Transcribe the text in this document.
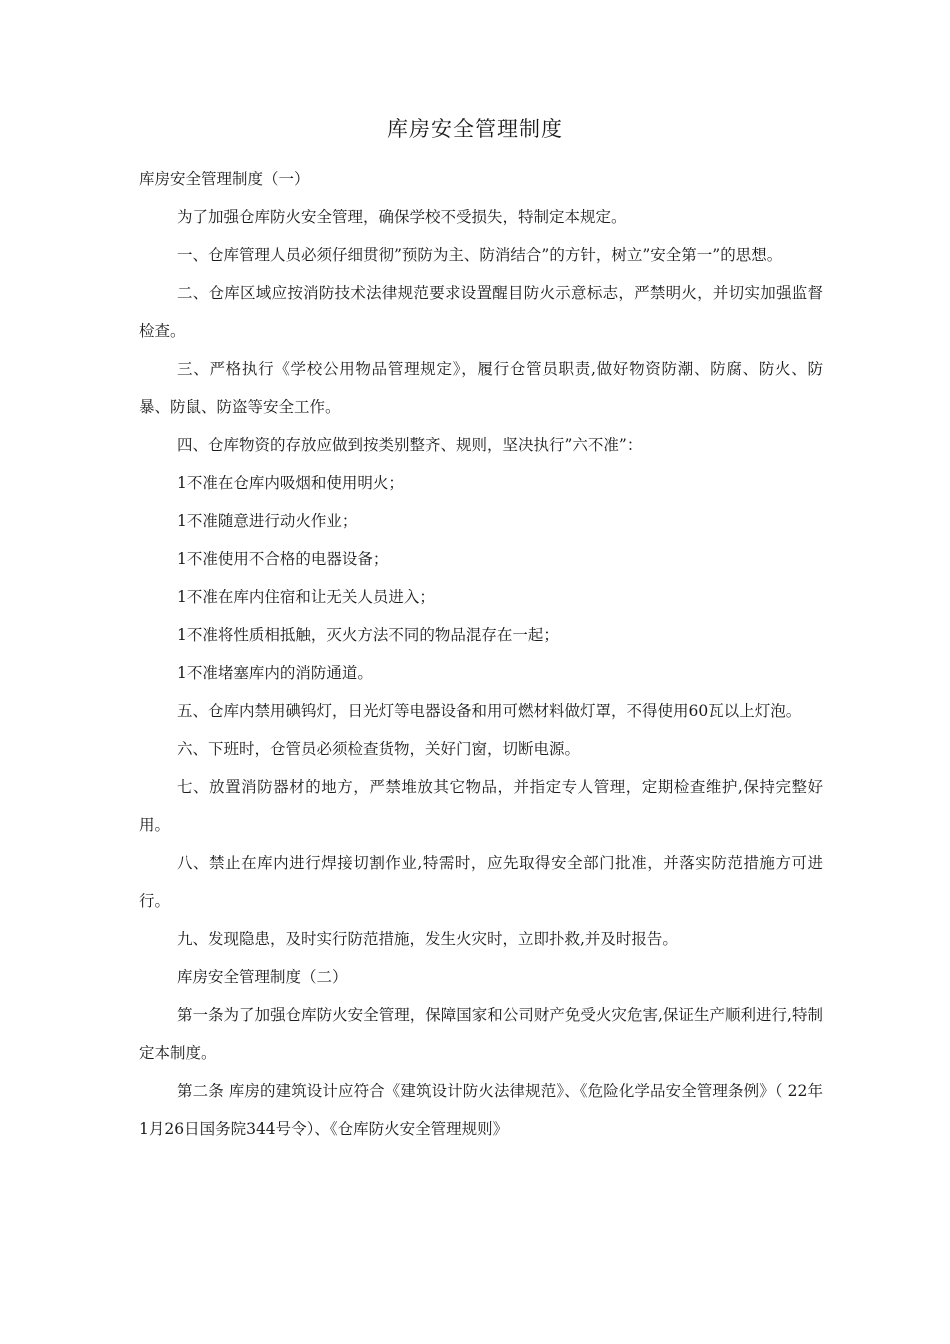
库房安全管理制度

库房安全管理制度（一）

为了加强仓库防火安全管理，确保学校不受损失，特制定本规定。

一、仓库管理人员必须仔细贯彻”预防为主、防消结合”的方针，树立”安全第一”的思想。

二、仓库区域应按消防技术法律规范要求设置醒目防火示意标志，严禁明火，并切实加强监督检查。

三、严格执行《学校公用物品管理规定》，履行仓管员职责,做好物资防潮、防腐、防火、防暴、防鼠、防盗等安全工作。

四、仓库物资的存放应做到按类别整齐、规则，坚决执行”六不准”：

1不准在仓库内吸烟和使用明火；

1不准随意进行动火作业；

1不准使用不合格的电器设备；

1不准在库内住宿和让无关人员进入；

1不准将性质相抵触，灭火方法不同的物品混存在一起；

1不准堵塞库内的消防通道。

五、仓库内禁用碘钨灯，日光灯等电器设备和用可燃材料做灯罩，不得使用60瓦以上灯泡。

六、下班时，仓管员必须检查货物，关好门窗，切断电源。

七、放置消防器材的地方，严禁堆放其它物品，并指定专人管理，定期检查维护,保持完整好用。

八、禁止在库内进行焊接切割作业,特需时，应先取得安全部门批准，并落实防范措施方可进行。

九、发现隐患，及时实行防范措施，发生火灾时，立即扑救,并及时报告。

库房安全管理制度（二）

第一条为了加强仓库防火安全管理，保障国家和公司财产免受火灾危害,保证生产顺利进行,特制定本制度。

第二条 库房的建筑设计应符合《建筑设计防火法律规范》、《危险化学品安全管理条例》（ 22年1月26日国务院344号令）、《仓库防火安全管理规则》
